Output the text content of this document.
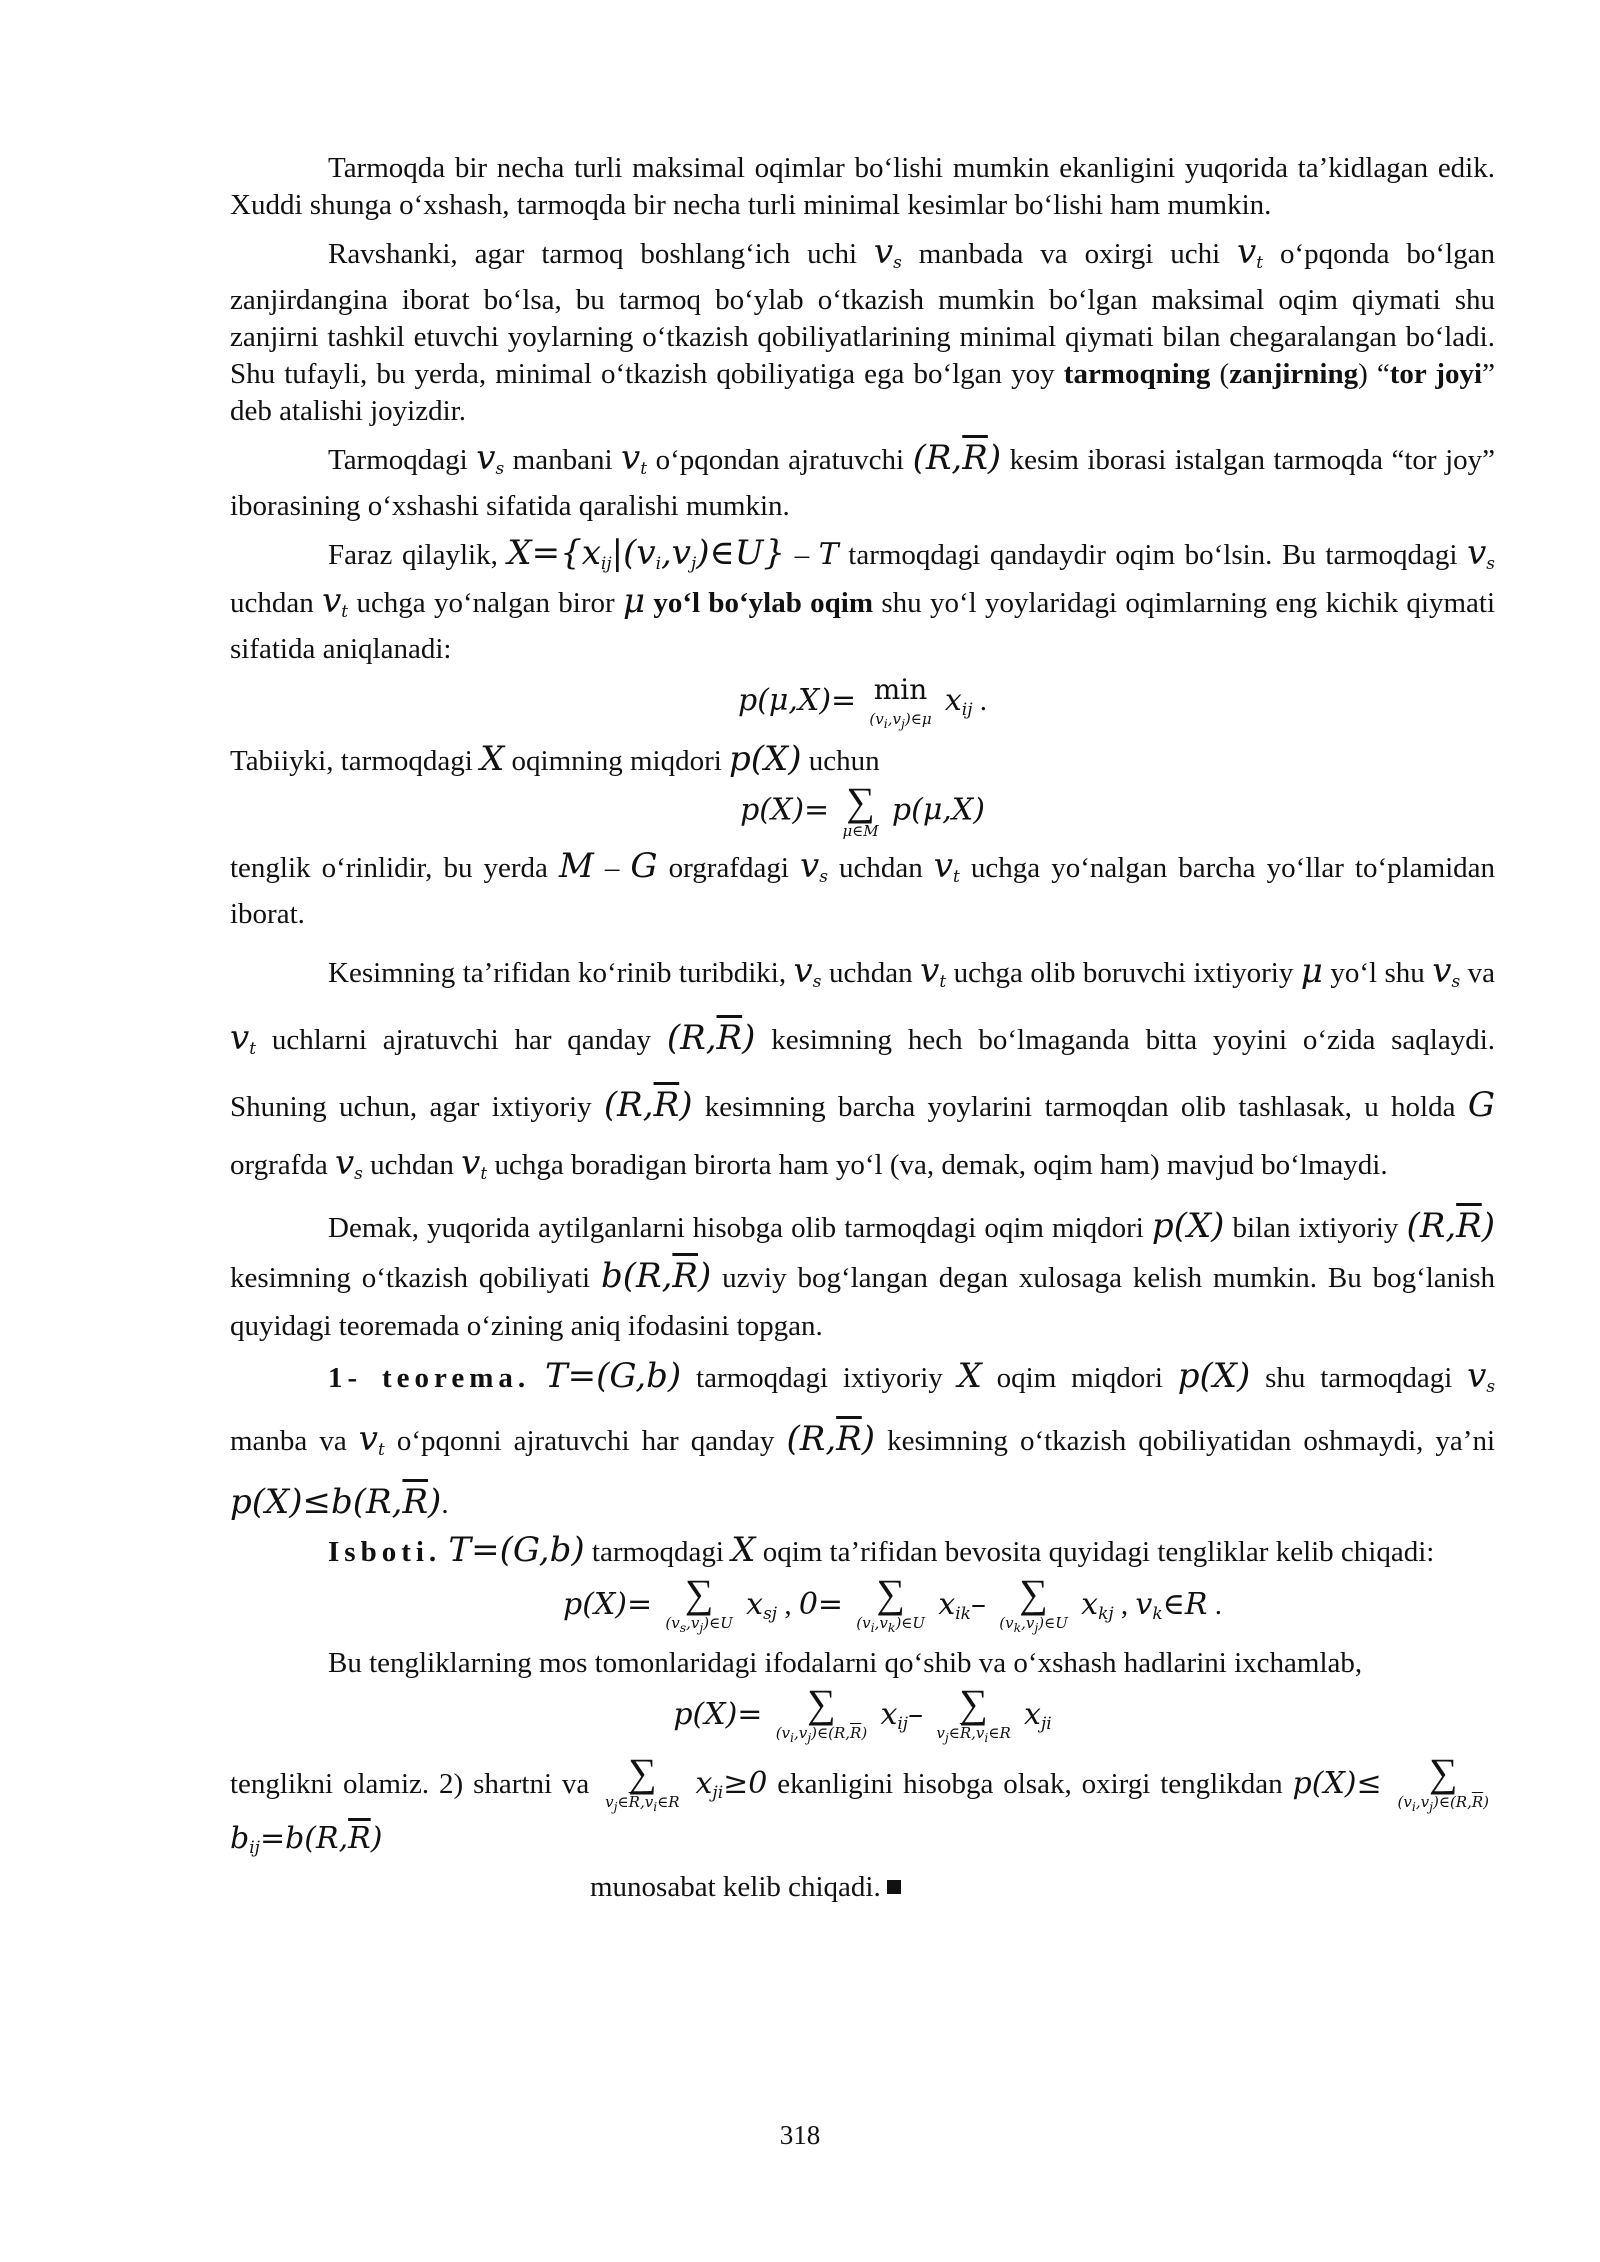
Tarmoqda bir necha turli maksimal oqimlar bo‘lishi mumkin ekanligini yuqorida ta’kidlagan edik. Xuddi shunga o‘xshash, tarmoqda bir necha turli minimal kesimlar bo‘lishi ham mumkin.

Ravshanki, agar tarmoq boshlang‘ich uchi $v_s$ manbada va oxirgi uchi $v_t$ o‘pqonda bo‘lgan zanjirdangina iborat bo‘lsa, bu tarmoq bo‘ylab o‘tkazish mumkin bo‘lgan maksimal oqim qiymati shu zanjirni tashkil etuvchi yoylarning o‘tkazish qobiliyatlarining minimal qiymati bilan chegaralangan bo‘ladi. Shu tufayli, bu yerda, minimal o‘tkazish qobiliyatiga ega bo‘lgan yoy tarmoqning (zanjirning) “tor joyi” deb atalishi joyizdir.

Tarmoqdagi $v_s$ manbani $v_t$ o‘pqondan ajratuvchi $(R,\overline{R})$ kesim iborasi istalgan tarmoqda “tor joy” iborasining o‘xshashi sifatida qaralishi mumkin.

Faraz qilaylik, $X=\{x_{ij}|(v_i,v_j)\in U\} - T$ tarmoqdagi qandaydir oqim bo‘lsin. Bu tarmoqdagi $v_s$ uchdan $v_t$ uchga yo‘nalgan biror μ yo‘l bo‘ylab oqim shu yo‘l yoylaridagi oqimlarning eng kichik qiymati sifatida aniqlanadi:

p(μ,X)= min
$(v_i,v_j)\in\mu$
$x_{ij}$ .

Tabiiyki, tarmoqdagi X oqimning miqdori p(X) uchun

p(X)= ∑
μ∈M
p(μ,X)

tenglik o‘rinlidir, bu yerda M – G orgrafdagi $v_s$ uchdan $v_t$ uchga yo‘nalgan barcha yo‘llar to‘plamidan iborat.

Kesimning ta’rifidan ko‘rinib turibdiki, $v_s$ uchdan $v_t$ uchga olib boruvchi ixtiyoriy μ yo‘l shu $v_s$ va $v_t$ uchlarni ajratuvchi har qanday $(R,\overline{R})$ kesimning hech bo‘lmaganda bitta yoyini o‘zida saqlaydi. Shuning uchun, agar ixtiyoriy $(R,\overline{R})$ kesimning barcha yoylarini tarmoqdan olib tashlasak, u holda G orgrafda $v_s$ uchdan $v_t$ uchga boradigan birorta ham yo‘l (va, demak, oqim ham) mavjud bo‘lmaydi.

Demak, yuqorida aytilganlarni hisobga olib tarmoqdagi oqim miqdori p(X) bilan ixtiyoriy $(R,\overline{R})$ kesimning o‘tkazish qobiliyati $b(R,\overline{R})$ uzviy bog‘langan degan xulosaga kelish mumkin. Bu bog‘lanish quyidagi teoremada o‘zining aniq ifodasini topgan.

1- teorema. T=(G,b) tarmoqdagi ixtiyoriy X oqim miqdori p(X) shu tarmoqdagi $v_s$ manba va $v_t$ o‘pqonni ajratuvchi har qanday $(R,\overline{R})$ kesimning o‘tkazish qobiliyatidan oshmaydi, ya’ni $p(X)\le b(R,\overline{R})$.

Isboti. T=(G,b) tarmoqdagi X oqim ta’rifidan bevosita quyidagi tengliklar kelib chiqadi:

p(X)= ∑
$(v_s,v_j)\in U$
$x_{sj}$ , 0= ∑
$(v_i,v_k)\in U$
$x_{ik}-$ ∑
$(v_k,v_j)\in U$
$x_{kj}$ , $v_k\in R$ .

Bu tengliklarning mos tomonlaridagi ifodalarni qo‘shib va o‘xshash hadlarini ixchamlab,

p(X)=	∑
$(v_i,v_j)\in(R,\overline{R})$
$x_{ij}-$ ∑
$v_j\in\overline{R},v_i\in R$
$x_{ji}$

tenglikni olamiz. 2) shartni va ∑
$v_j\in\overline{R},v_i\in R$
$x_{ji}\ge 0$ ekanligini hisobga olsak, oxirgi tenglikdan p(X)≤	∑
$(v_i,v_j)\in(R,\overline{R})$
$b_{ij}=b(R,\overline{R})$

munosabat kelib chiqadi.

318
